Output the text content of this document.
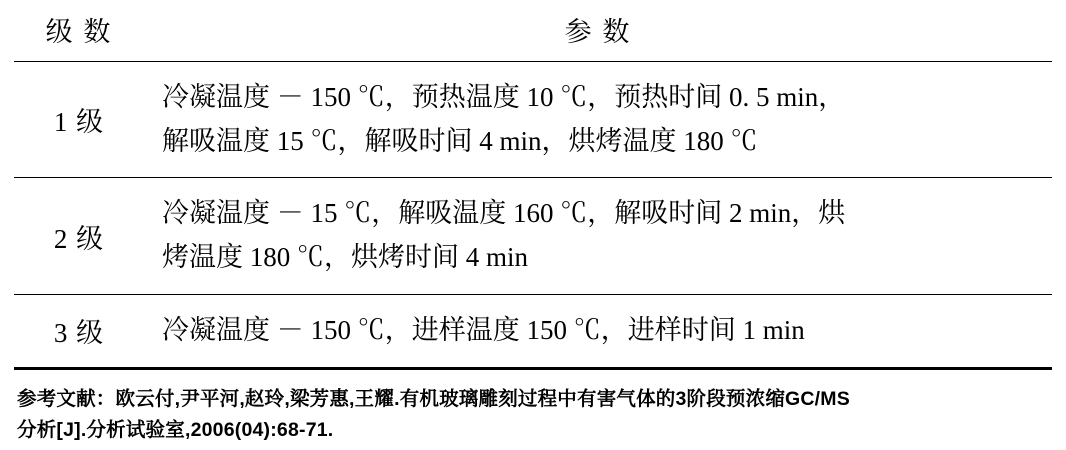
级 数	参 数
1 级	冷凝温度 － 150 ℃，预热温度 10 ℃，预热时间 0. 5 min，
解吸温度 15 ℃，解吸时间 4 min，烘烤温度 180 ℃

2 级	冷凝温度 － 15 ℃，解吸温度 160 ℃，解吸时间 2 min，烘
烤温度 180 ℃，烘烤时间 4 min

3 级	冷凝温度 － 150 ℃，进样温度 150 ℃，进样时间 1 min
参考文献：欧云付,尹平河,赵玲,梁芳惠,王耀.有机玻璃雕刻过程中有害气体的3阶段预浓缩GC/MS
分析[J].分析试验室,2006(04):68-71.
